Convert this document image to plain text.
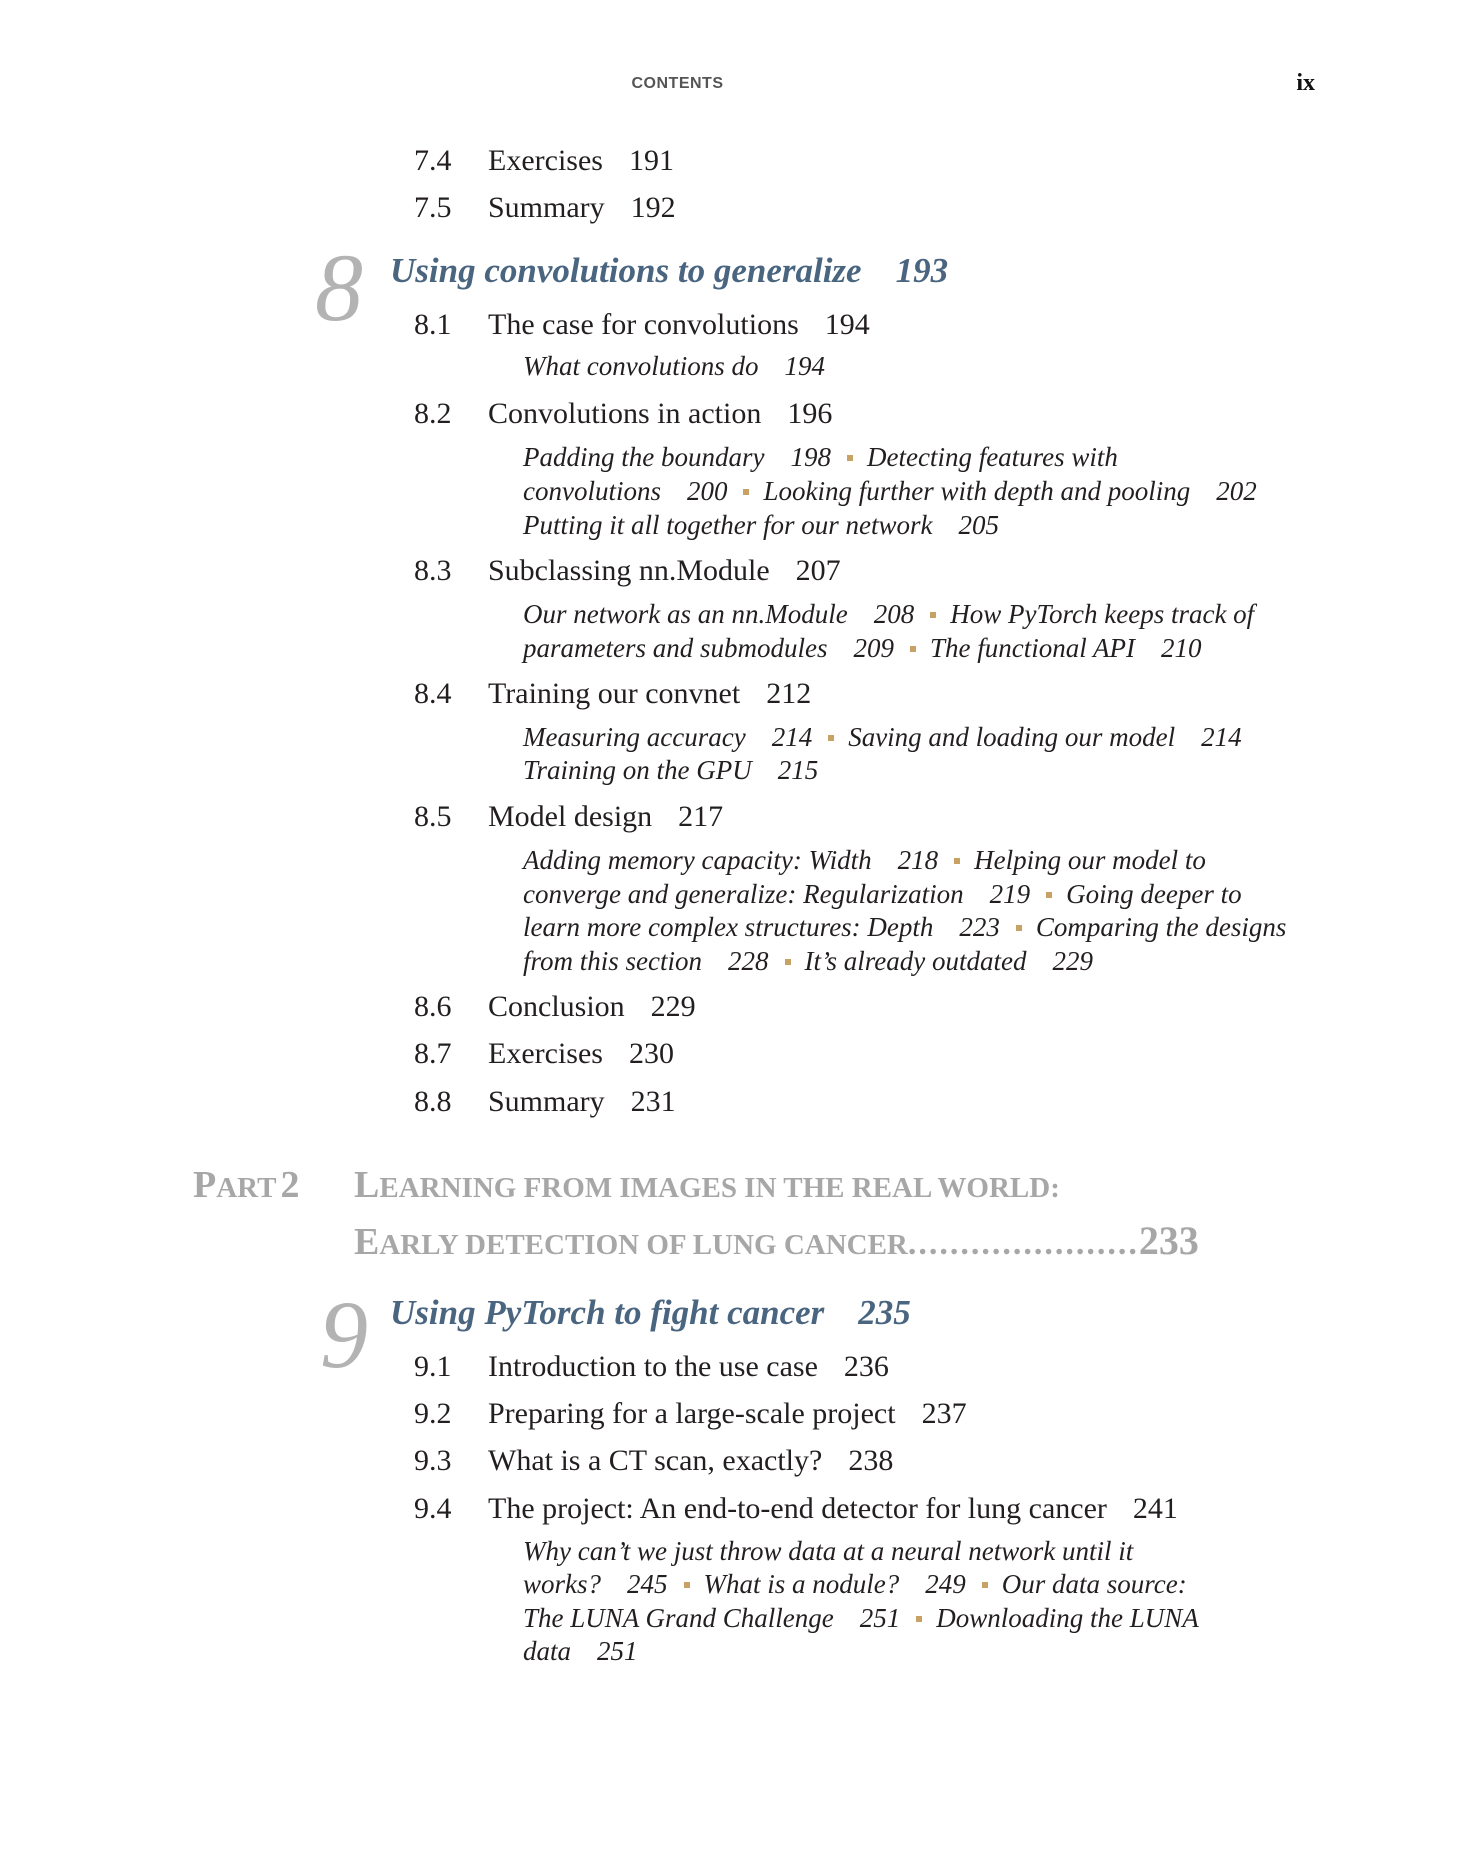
CONTENTS	ix
7.4 Exercises 191
7.5 Summary 192
8 Using convolutions to generalize 193
8.1 The case for convolutions 194
What convolutions do 194
8.2 Convolutions in action 196
Padding the boundary 198 Detecting features with
convolutions 200 Looking further with depth and pooling 202
Putting it all together for our network 205
8.3 Subclassing nn.Module 207
Our network as an nn.Module 208 How PyTorch keeps track of
parameters and submodules 209 The functional API 210
8.4 Training our convnet 212
Measuring accuracy 214 Saving and loading our model 214
Training on the GPU 215
8.5 Model design 217
Adding memory capacity: Width 218 Helping our model to
converge and generalize: Regularization 219 Going deeper to
learn more complex structures: Depth 223 Comparing the designs
from this section 228 It’s already outdated 229
8.6 Conclusion 229
8.7 Exercises 230
8.8 Summary 231
PART 2 LEARNING FROM IMAGES IN THE REAL WORLD:
EARLY DETECTION OF LUNG CANCER......................233
9 Using PyTorch to fight cancer 235
9.1 Introduction to the use case 236
9.2 Preparing for a large-scale project 237
9.3 What is a CT scan, exactly? 238
9.4 The project: An end-to-end detector for lung cancer 241
Why can’t we just throw data at a neural network until it
works? 245 What is a nodule? 249 Our data source:
The LUNA Grand Challenge 251 Downloading the LUNA
data 251
